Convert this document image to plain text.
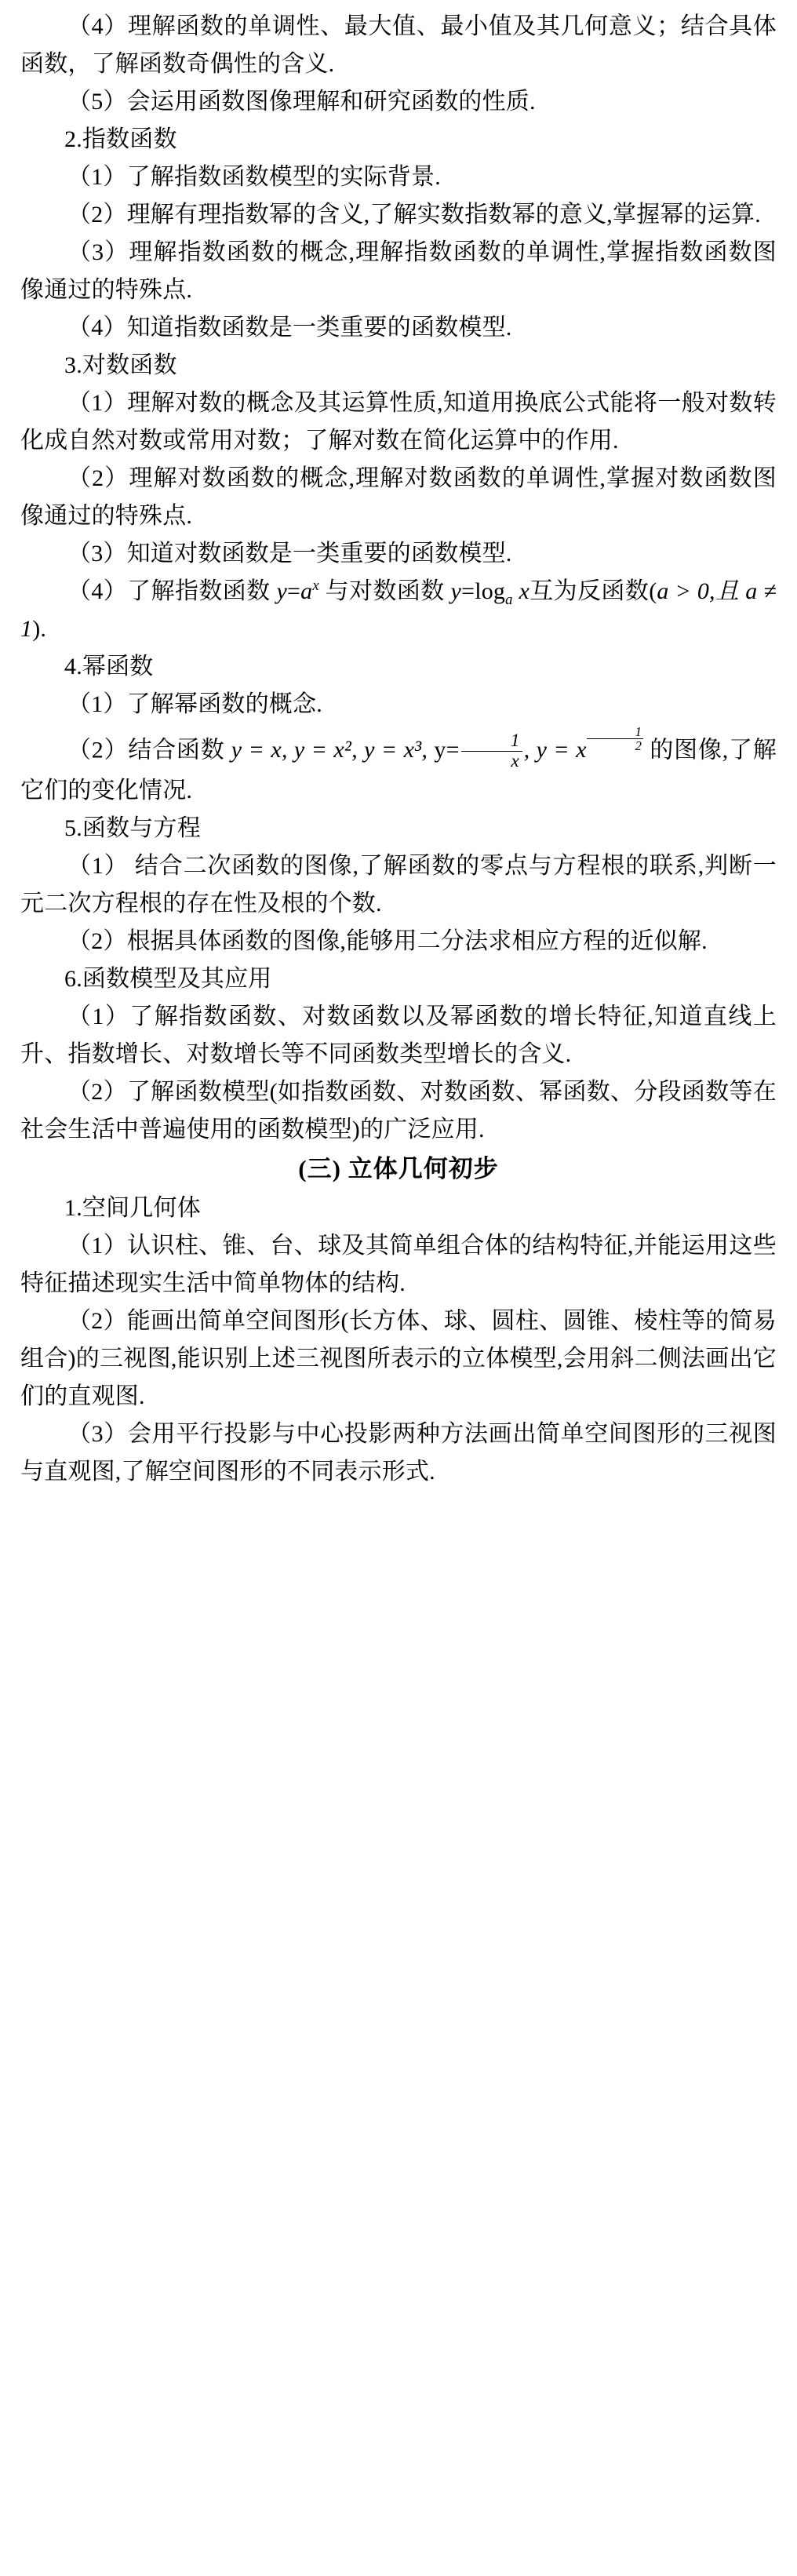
（4）理解函数的单调性、最大值、最小值及其几何意义；结合具体函数，了解函数奇偶性的含义.

（5）会运用函数图像理解和研究函数的性质.

2.指数函数

（1）了解指数函数模型的实际背景.

（2）理解有理指数幂的含义,了解实数指数幂的意义,掌握幂的运算.

（3）理解指数函数的概念,理解指数函数的单调性,掌握指数函数图像通过的特殊点.

（4）知道指数函数是一类重要的函数模型.

3.对数函数

（1）理解对数的概念及其运算性质,知道用换底公式能将一般对数转化成自然对数或常用对数；了解对数在简化运算中的作用.

（2）理解对数函数的概念,理解对数函数的单调性,掌握对数函数图像通过的特殊点.

（3）知道对数函数是一类重要的函数模型.

（4）了解指数函数 $y=a^x$ 与对数函数 $y=\log_a$ x互为反函数(a > 0,且 a ≠ 1).

4.幂函数

（1）了解幂函数的概念.

（2）结合函数 y = x, y = x², y = x³, $y= \frac{1}{x}$ , y = x $\frac{1}{2}$ 的图像,了解它们的变化情况.

5.函数与方程

（1） 结合二次函数的图像,了解函数的零点与方程根的联系,判断一元二次方程根的存在性及根的个数.

（2）根据具体函数的图像,能够用二分法求相应方程的近似解.

6.函数模型及其应用

（1）了解指数函数、对数函数以及幂函数的增长特征,知道直线上升、指数增长、对数增长等不同函数类型增长的含义.

（2）了解函数模型(如指数函数、对数函数、幂函数、分段函数等在社会生活中普遍使用的函数模型)的广泛应用.

(三) 立体几何初步

1.空间几何体

（1）认识柱、锥、台、球及其简单组合体的结构特征,并能运用这些特征描述现实生活中简单物体的结构.

（2）能画出简单空间图形(长方体、球、圆柱、圆锥、棱柱等的简易组合)的三视图,能识别上述三视图所表示的立体模型,会用斜二侧法画出它们的直观图.

（3）会用平行投影与中心投影两种方法画出简单空间图形的三视图与直观图,了解空间图形的不同表示形式.
